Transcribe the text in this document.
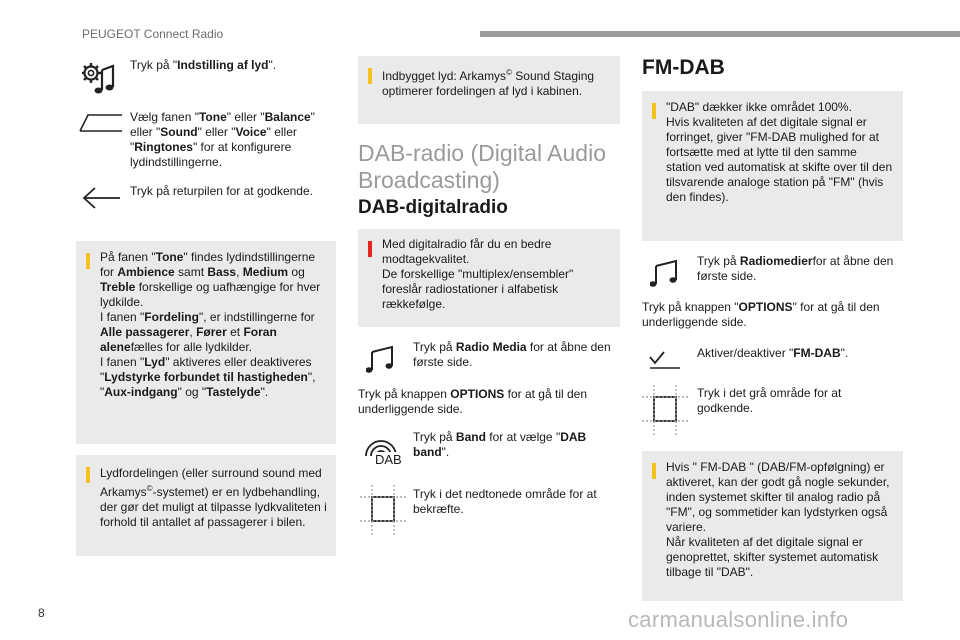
PEUGEOT Connect Radio
Tryk på "Indstilling af lyd".
Vælg fanen "Tone" eller "Balance" eller "Sound" eller "Voice" eller "Ringtones" for at konfigurere lydindstillingerne.
Tryk på returpilen for at godkende.
På fanen "Tone" findes lydindstillingerne for Ambience samt Bass, Medium og Treble forskellige og uafhængige for hver lydkilde.
I fanen "Fordeling", er indstillingerne for Alle passagerer, Fører et Foran alenefælles for alle lydkilder.
I fanen "Lyd" aktiveres eller deaktiveres "Lydstyrke forbundet til hastigheden", "Aux-indgang" og "Tastelyde".
Lydfordelingen (eller surround sound med Arkamys©-systemet) er en lydbehandling, der gør det muligt at tilpasse lydkvaliteten i forhold til antallet af passagerer i bilen.
Indbygget lyd: Arkamys© Sound Staging optimerer fordelingen af lyd i kabinen.
DAB-radio (Digital Audio Broadcasting)
DAB-digitalradio
Med digitalradio får du en bedre modtagekvalitet.
De forskellige "multiplex/ensembler" foreslår radiostationer i alfabetisk rækkefølge.
Tryk på Radio Media for at åbne den første side.
Tryk på knappen OPTIONS for at gå til den underliggende side.
DAB
Tryk på Band for at vælge "DAB band".
Tryk i det nedtonede område for at bekræfte.
FM-DAB
"DAB" dækker ikke området 100%.
Hvis kvaliteten af det digitale signal er forringet, giver "FM-DAB mulighed for at fortsætte med at lytte til den samme station ved automatisk at skifte over til den tilsvarende analoge station på "FM" (hvis den findes).
Tryk på Radiomedierfor at åbne den første side.
Tryk på knappen "OPTIONS" for at gå til den underliggende side.
Aktiver/deaktiver "FM-DAB".
Tryk i det grå område for at godkende.
Hvis " FM-DAB " (DAB/FM-opfølgning) er aktiveret, kan der godt gå nogle sekunder, inden systemet skifter til analog radio på "FM", og sommetider kan lydstyrken også variere.
Når kvaliteten af det digitale signal er genoprettet, skifter systemet automatisk tilbage til "DAB".
8	carmanualsonline.info
